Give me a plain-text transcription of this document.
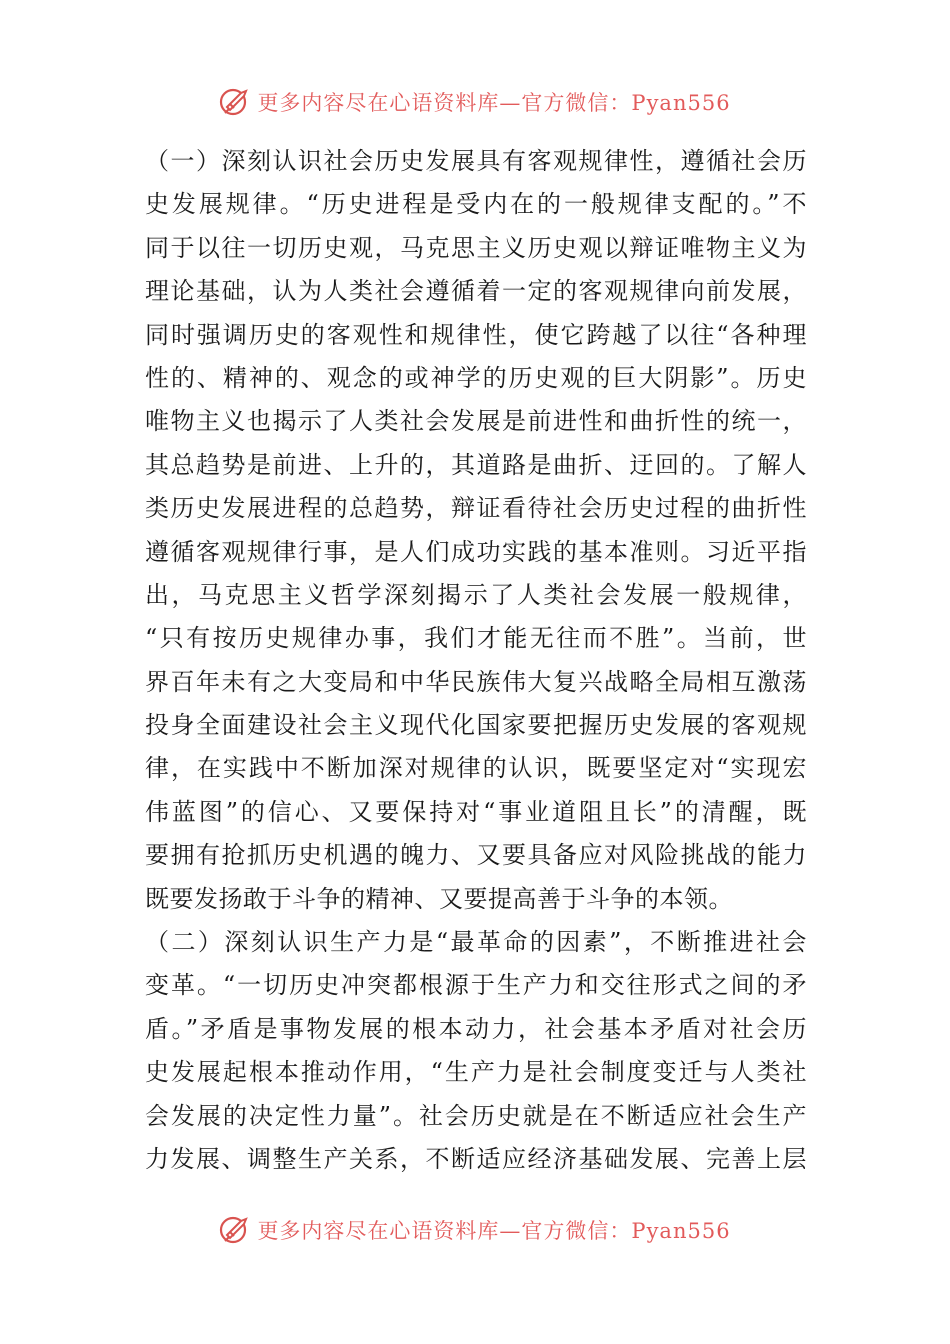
更多内容尽在心语资料库—官方微信：Pyan556
（一）深刻认识社会历史发展具有客观规律性，遵循社会历
史发展规律。“历史进程是受内在的一般规律支配的。”不
同于以往一切历史观，马克思主义历史观以辩证唯物主义为
理论基础，认为人类社会遵循着一定的客观规律向前发展，
同时强调历史的客观性和规律性，使它跨越了以往“各种理
性的、精神的、观念的或神学的历史观的巨大阴影”。历史
唯物主义也揭示了人类社会发展是前进性和曲折性的统一，
其总趋势是前进、上升的，其道路是曲折、迂回的。了解人
类历史发展进程的总趋势，辩证看待社会历史过程的曲折性
遵循客观规律行事，是人们成功实践的基本准则。习近平指
出，马克思主义哲学深刻揭示了人类社会发展一般规律，
“只有按历史规律办事，我们才能无往而不胜”。当前，世
界百年未有之大变局和中华民族伟大复兴战略全局相互激荡
投身全面建设社会主义现代化国家要把握历史发展的客观规
律，在实践中不断加深对规律的认识，既要坚定对“实现宏
伟蓝图”的信心、又要保持对“事业道阻且长”的清醒，既
要拥有抢抓历史机遇的魄力、又要具备应对风险挑战的能力
既要发扬敢于斗争的精神、又要提高善于斗争的本领。
（二）深刻认识生产力是“最革命的因素”，不断推进社会
变革。“一切历史冲突都根源于生产力和交往形式之间的矛
盾。”矛盾是事物发展的根本动力，社会基本矛盾对社会历
史发展起根本推动作用，“生产力是社会制度变迁与人类社
会发展的决定性力量”。社会历史就是在不断适应社会生产
力发展、调整生产关系，不断适应经济基础发展、完善上层
更多内容尽在心语资料库—官方微信：Pyan556
